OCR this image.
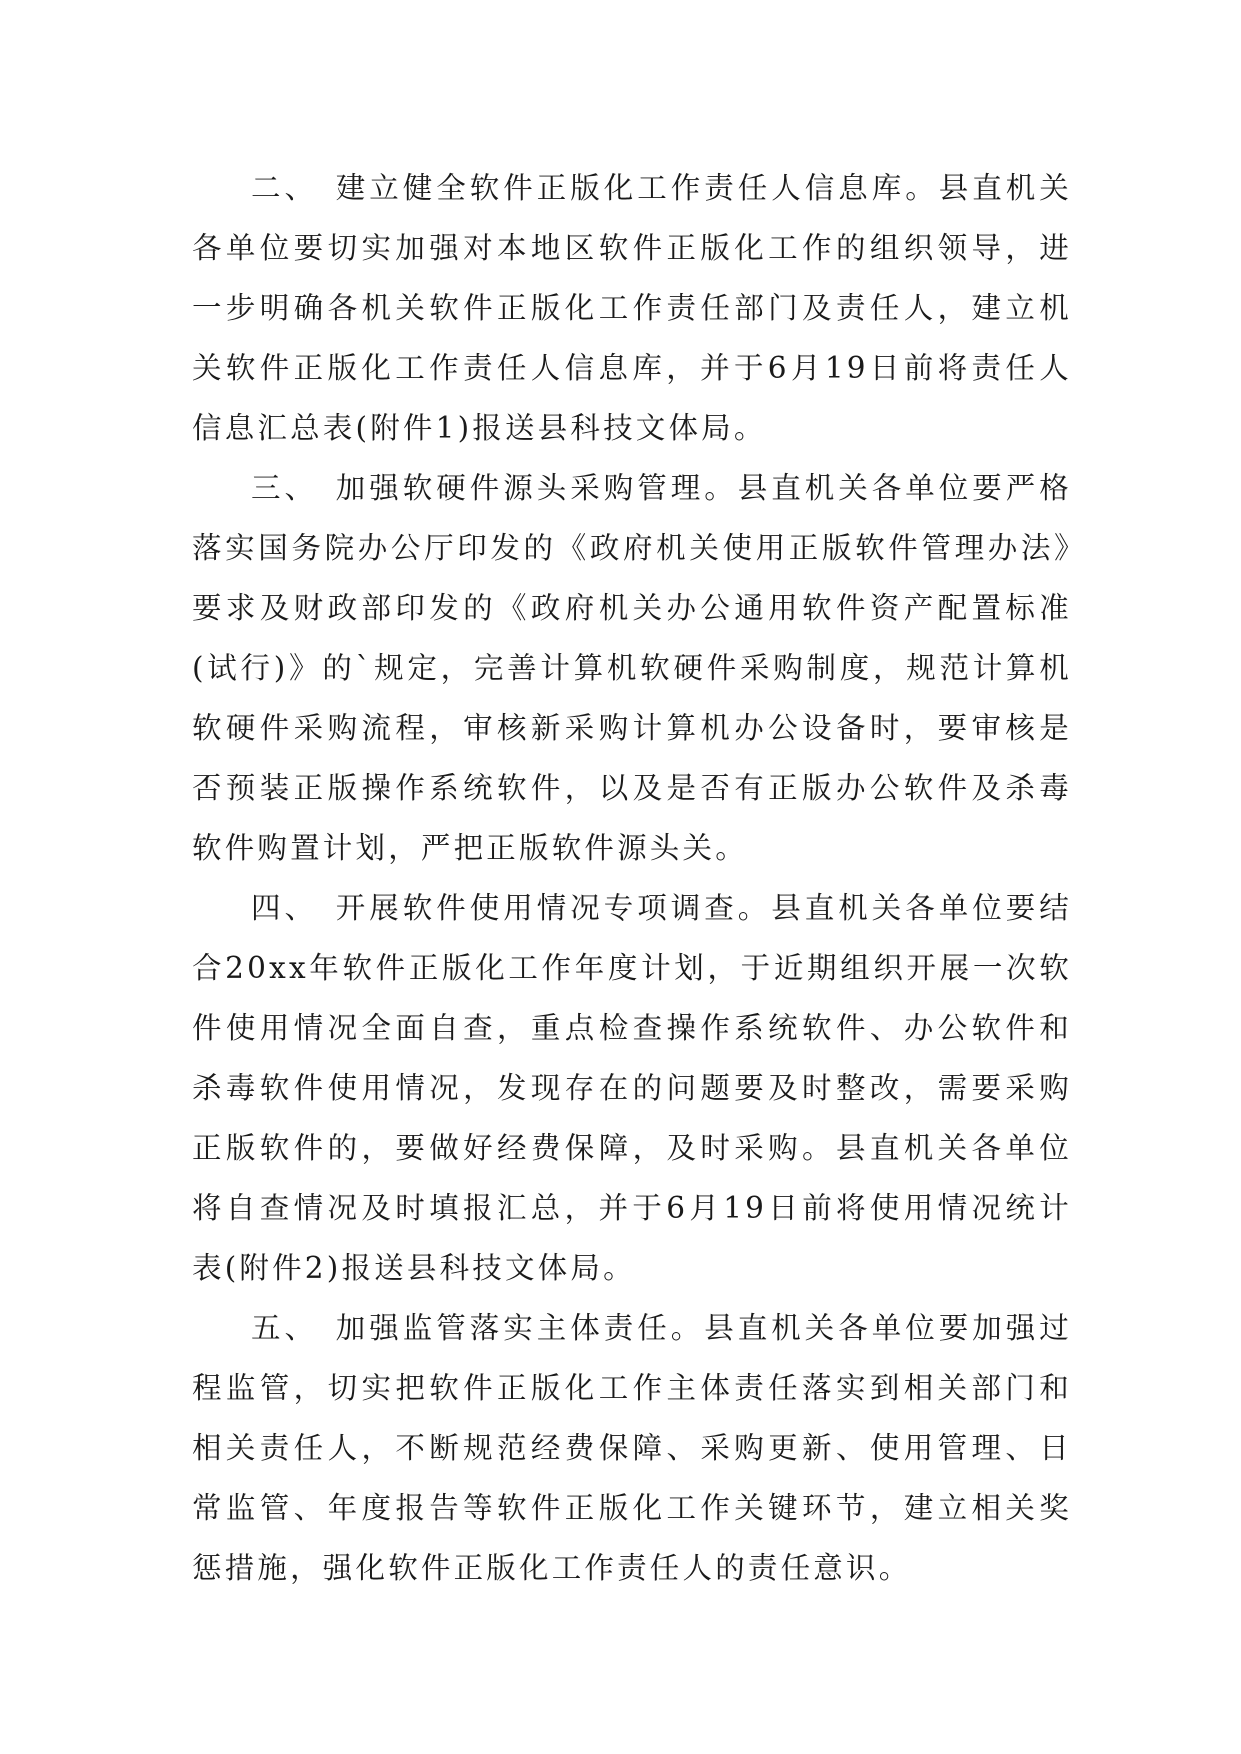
二、 建立健全软件正版化工作责任人信息库。县直机关各单位要切实加强对本地区软件正版化工作的组织领导，进一步明确各机关软件正版化工作责任部门及责任人，建立机关软件正版化工作责任人信息库，并于6月19日前将责任人信息汇总表(附件1)报送县科技文体局。

三、 加强软硬件源头采购管理。县直机关各单位要严格落实国务院办公厅印发的《政府机关使用正版软件管理办法》要求及财政部印发的《政府机关办公通用软件资产配置标准(试行)》的`规定，完善计算机软硬件采购制度，规范计算机软硬件采购流程，审核新采购计算机办公设备时，要审核是否预装正版操作系统软件，以及是否有正版办公软件及杀毒软件购置计划，严把正版软件源头关。

四、 开展软件使用情况专项调查。县直机关各单位要结合20xx年软件正版化工作年度计划，于近期组织开展一次软件使用情况全面自查，重点检查操作系统软件、办公软件和杀毒软件使用情况，发现存在的问题要及时整改，需要采购正版软件的，要做好经费保障，及时采购。县直机关各单位将自查情况及时填报汇总，并于6月19日前将使用情况统计表(附件2)报送县科技文体局。

五、 加强监管落实主体责任。县直机关各单位要加强过程监管，切实把软件正版化工作主体责任落实到相关部门和相关责任人，不断规范经费保障、采购更新、使用管理、日常监管、年度报告等软件正版化工作关键环节，建立相关奖惩措施，强化软件正版化工作责任人的责任意识。
